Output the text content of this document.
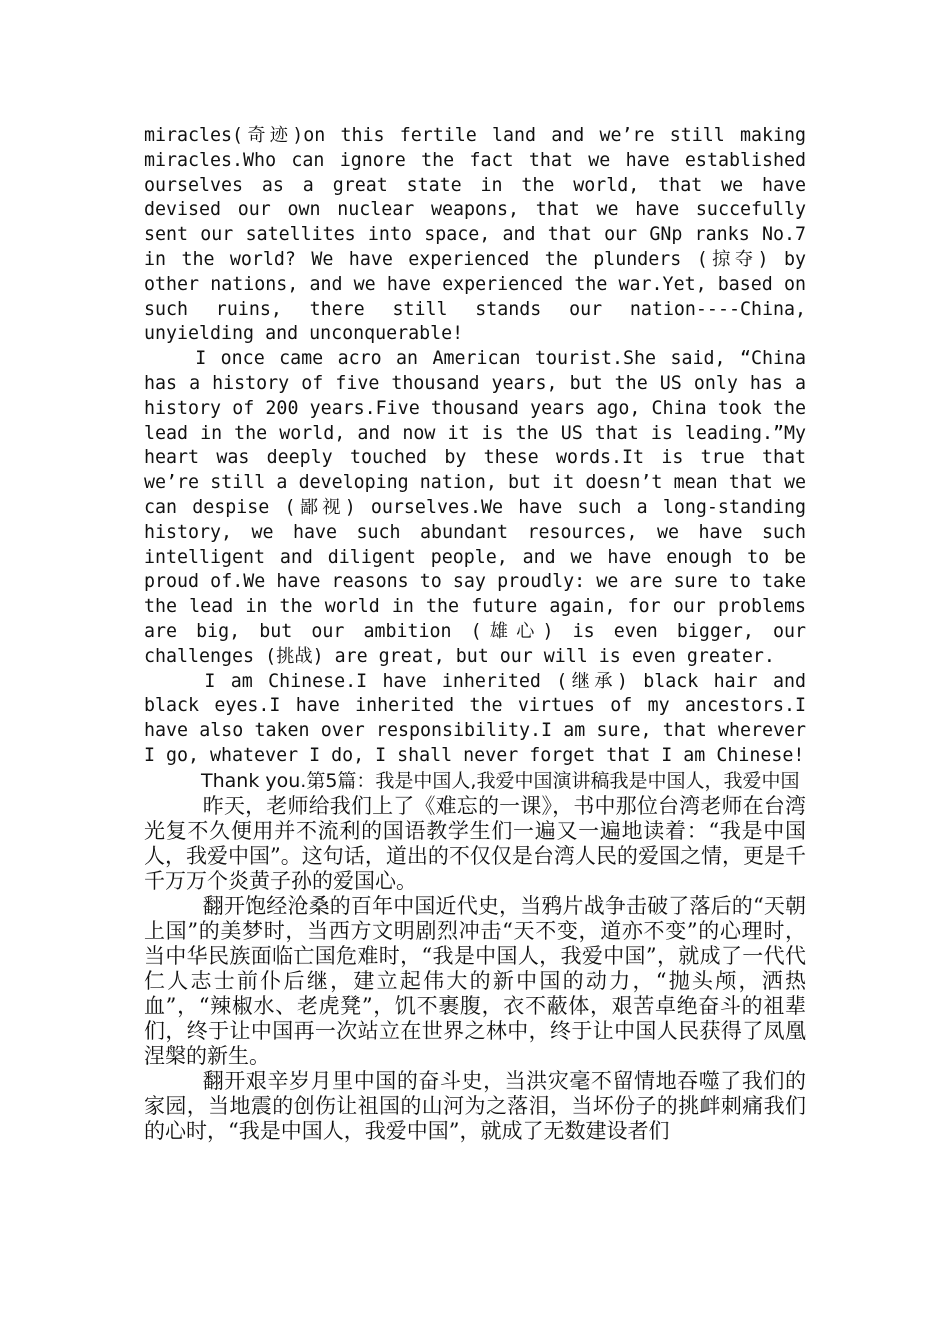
miracles(奇迹)on this fertile land and we’re still making miracles.Who can ignore the fact that we have established ourselves as a great state in the world, that we have devised our own nuclear weapons, that we have succefully sent our satellites into space, and that our GNp ranks No.7 in the world? We have experienced the plunders (掠夺) by other nations, and we have experienced the war.Yet, based on such ruins, there still stands our nation----China, unyielding and unconquerable!

I once came acro an American tourist.She said, “China has a history of five thousand years, but the US only has a history of 200 years.Five thousand years ago, China took the lead in the world, and now it is the US that is leading.”My heart was deeply touched by these words.It is true that we’re still a developing nation, but it doesn’t mean that we can despise (鄙视) ourselves.We have such a long-standing history, we have such abundant resources, we have such intelligent and diligent people, and we have enough to be proud of.We have reasons to say proudly: we are sure to take the lead in the world in the future again, for our problems are big, but our ambition (雄心) is even bigger, our challenges (挑战) are great, but our will is even greater.

I am Chinese.I have inherited (继承) black hair and black eyes.I have inherited the virtues of my ancestors.I have also taken over responsibility.I am sure, that wherever I go, whatever I do, I shall never forget that I am Chinese!

Thank you.第5篇：我是中国人,我爱中国演讲稿我是中国人，我爱中国

昨天，老师给我们上了《难忘的一课》，书中那位台湾老师在台湾光复不久便用并不流利的国语教学生们一遍又一遍地读着：“我是中国人，我爱中国”。这句话，道出的不仅仅是台湾人民的爱国之情，更是千千万万个炎黄子孙的爱国心。

翻开饱经沧桑的百年中国近代史，当鸦片战争击破了落后的“天朝上国”的美梦时，当西方文明剧烈冲击“天不变，道亦不变”的心理时，当中华民族面临亡国危难时，“我是中国人，我爱中国”，就成了一代代仁人志士前仆后继，建立起伟大的新中国的动力，“抛头颅，洒热血”，“辣椒水、老虎凳”，饥不裹腹，衣不蔽体，艰苦卓绝奋斗的祖辈们，终于让中国再一次站立在世界之林中，终于让中国人民获得了凤凰涅槃的新生。

翻开艰辛岁月里中国的奋斗史，当洪灾毫不留情地吞噬了我们的家园，当地震的创伤让祖国的山河为之落泪，当坏份子的挑衅刺痛我们的心时，“我是中国人，我爱中国”，就成了无数建设者们
